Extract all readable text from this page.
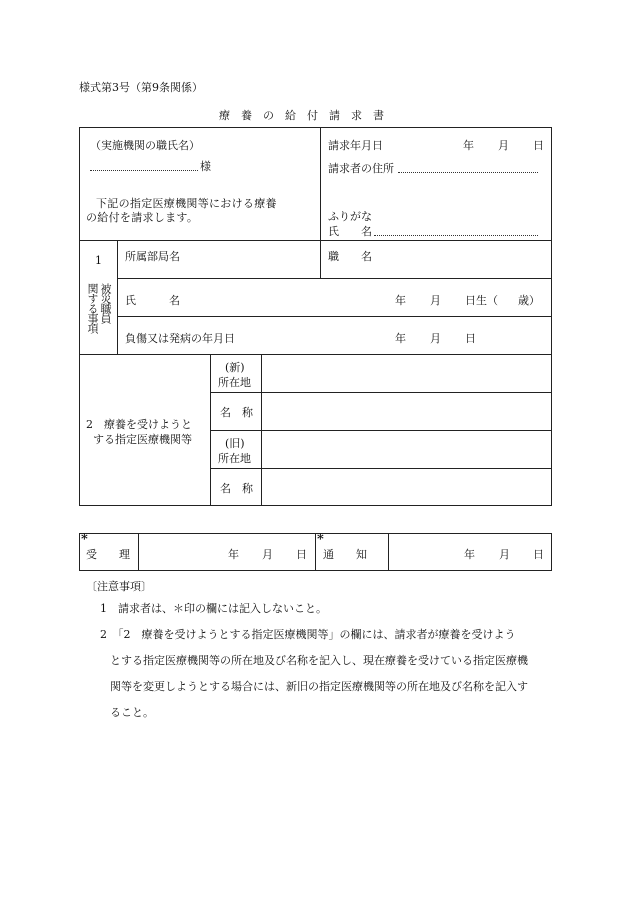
様式第3号（第9条関係）
療　養　の　給　付　請　求　書
（実施機関の職氏名）
様
下記の指定医療機関等における療養
の給付を請求します。
請求年月日	年 月 日
請求者の住所
ふりがな
氏　　名
1
被災職員
関する事項
所属部局名	職　　名
氏　　　名	年 月 日生（ 歳）
負傷又は発病の年月日	年 月 日
2　療養を受けようと
する指定医療機関等
(新)
所在地
名　称
(旧)
所在地
名　称
*
受　　理	年 月 日
*
通　　知	年 月 日
〔注意事項〕
1　請求者は、＊印の欄には記入しないこと。
2　「2　療養を受けようとする指定医療機関等」の欄には、請求者が療養を受けよう
とする指定医療機関等の所在地及び名称を記入し、現在療養を受けている指定医療機
関等を変更しようとする場合には、新旧の指定医療機関等の所在地及び名称を記入す
ること。
